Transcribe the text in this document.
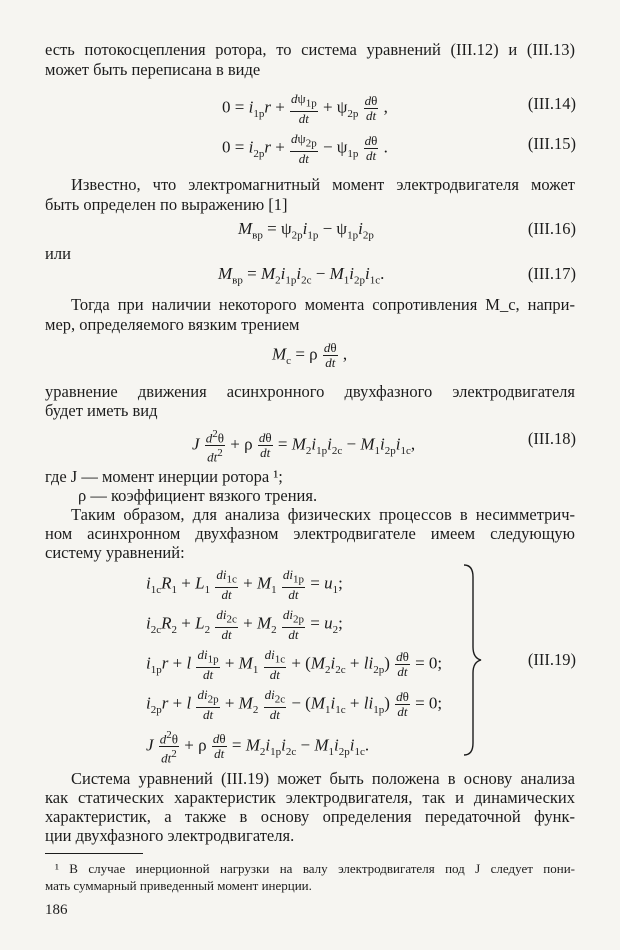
есть потокосцепления ротора, то система уравнений (III.12) и (III.13)
может быть переписана в виде
$0 = i_{1р}r + \frac{d\psi_{1р}}{dt} + \psi_{2р} \frac{d\theta}{dt}$ ,	(III.14)
$0 = i_{2р}r + \frac{d\psi_{2р}}{dt} - \psi_{1р} \frac{d\theta}{dt}$ .	(III.15)
Известно, что электромагнитный момент электродвигателя может
быть определен по выражению [1]
$M_{вр} = \psi_{2р}i_{1р} - \psi_{1р}i_{2р}$	(III.16)
или
$M_{вр} = M_2i_{1р}i_{2с} - M_1i_{2р}i_{1с}$.	(III.17)
Тогда при наличии некоторого момента сопротивления M_c, напри-
мер, определяемого вязким трением
$M_с = \rho \frac{d\theta}{dt}$ ,
уравнение движения асинхронного двухфазного электродвигателя
будет иметь вид
J $\frac{d^2\theta}{dt^2} + \rho \frac{d\theta}{dt} = M_2i_{1р}i_{2с} - M_1i_{2р}i_{1с}$,	(III.18)
где J — момент инерции ротора ¹;
ρ — коэффициент вязкого трения.
Таким образом, для анализа физических процессов в несимметрич-
ном асинхронном двухфазном электродвигателе имеем следующую
систему уравнений:
$i_{1с}R_1 + L_1 \frac{di_{1с}}{dt} + M_1 \frac{di_{1р}}{dt} = u_1$;
$i_{2с}R_2 + L_2 \frac{di_{2с}}{dt} + M_2 \frac{di_{2р}}{dt} = u_2$;
$i_{1р}r + l \frac{di_{1р}}{dt} + M_1 \frac{di_{1с}}{dt} + (M_2i_{2с} + li_{2р}) \frac{d\theta}{dt} = 0$;
$i_{2р}r + l \frac{di_{2р}}{dt} + M_2 \frac{di_{2с}}{dt} - (M_1i_{1с} + li_{1р}) \frac{d\theta}{dt} = 0$;
J $\frac{d^2\theta}{dt^2} + \rho \frac{d\theta}{dt} = M_2i_{1р}i_{2с} - M_1i_{2р}i_{1с}$.
(III.19)
Система уравнений (III.19) может быть положена в основу анализа
как статических характеристик электродвигателя, так и динамических
характеристик, а также в основу определения передаточной функ-
ции двухфазного электродвигателя.
¹ В случае инерционной нагрузки на валу электродвигателя под J следует пони-
мать суммарный приведенный момент инерции.
186
